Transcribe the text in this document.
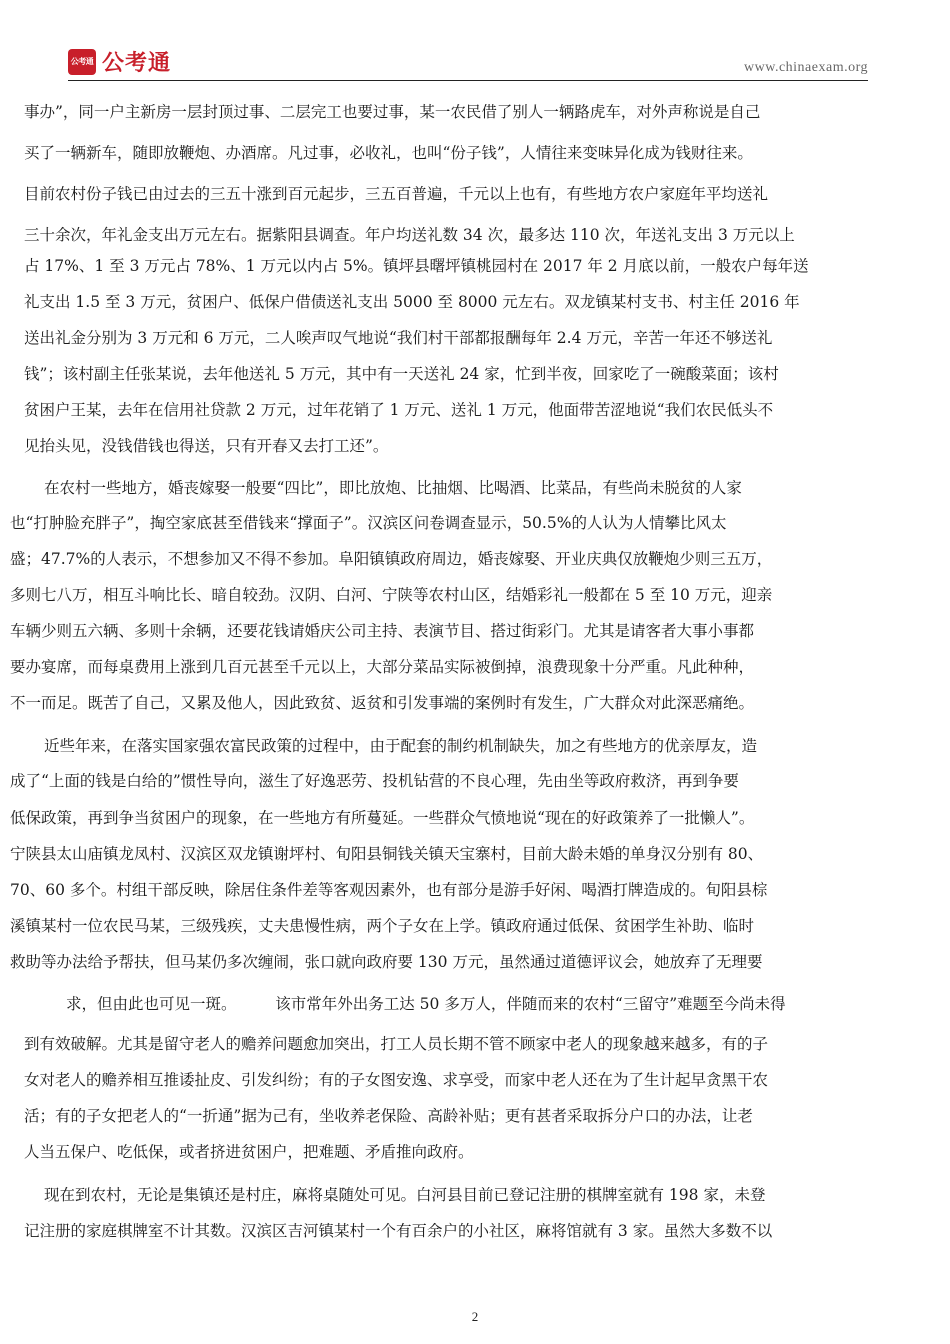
公考通 公考通	www.chinaexam.org
事办”，同一户主新房一层封顶过事、二层完工也要过事，某一农民借了别人一辆路虎车，对外声称说是自己
买了一辆新车，随即放鞭炮、办酒席。凡过事，必收礼，也叫“份子钱”，人情往来变味异化成为钱财往来。
目前农村份子钱已由过去的三五十涨到百元起步，三五百普遍，千元以上也有，有些地方农户家庭年平均送礼
三十余次，年礼金支出万元左右。据紫阳县调查。年户均送礼数 34 次，最多达 110 次，年送礼支出 3 万元以上
占 17%、1 至 3 万元占 78%、1 万元以内占 5%。镇坪县曙坪镇桃园村在 2017 年 2 月底以前，一般农户每年送
礼支出 1.5 至 3 万元，贫困户、低保户借债送礼支出 5000 至 8000 元左右。双龙镇某村支书、村主任 2016 年
送出礼金分别为 3 万元和 6 万元，二人唉声叹气地说“我们村干部都报酬每年 2.4 万元，辛苦一年还不够送礼
钱”；该村副主任张某说，去年他送礼 5 万元，其中有一天送礼 24 家，忙到半夜，回家吃了一碗酸菜面；该村
贫困户王某，去年在信用社贷款 2 万元，过年花销了 1 万元、送礼 1 万元，他面带苦涩地说“我们农民低头不
见抬头见，没钱借钱也得送，只有开春又去打工还”。
在农村一些地方，婚丧嫁娶一般要“四比”，即比放炮、比抽烟、比喝酒、比菜品，有些尚未脱贫的人家
也“打肿脸充胖子”，掏空家底甚至借钱来“撑面子”。汉滨区问卷调查显示，50.5%的人认为人情攀比风太
盛；47.7%的人表示，不想参加又不得不参加。阜阳镇镇政府周边，婚丧嫁娶、开业庆典仅放鞭炮少则三五万，
多则七八万，相互斗响比长、暗自较劲。汉阴、白河、宁陕等农村山区，结婚彩礼一般都在 5 至 10 万元，迎亲
车辆少则五六辆、多则十余辆，还要花钱请婚庆公司主持、表演节目、搭过街彩门。尤其是请客者大事小事都
要办宴席，而每桌费用上涨到几百元甚至千元以上，大部分菜品实际被倒掉，浪费现象十分严重。凡此种种，
不一而足。既苦了自己，又累及他人，因此致贫、返贫和引发事端的案例时有发生，广大群众对此深恶痛绝。
近些年来，在落实国家强农富民政策的过程中，由于配套的制约机制缺失，加之有些地方的优亲厚友，造
成了“上面的钱是白给的”惯性导向，滋生了好逸恶劳、投机钻营的不良心理，先由坐等政府救济，再到争要
低保政策，再到争当贫困户的现象，在一些地方有所蔓延。一些群众气愤地说“现在的好政策养了一批懒人”。
宁陕县太山庙镇龙凤村、汉滨区双龙镇谢坪村、旬阳县铜钱关镇天宝寨村，目前大龄未婚的单身汉分别有 80、
70、60 多个。村组干部反映，除居住条件差等客观因素外，也有部分是游手好闲、喝酒打牌造成的。旬阳县棕
溪镇某村一位农民马某，三级残疾，丈夫患慢性病，两个子女在上学。镇政府通过低保、贫困学生补助、临时
救助等办法给予帮扶，但马某仍多次缠闹，张口就向政府要 130 万元，虽然通过道德评议会，她放弃了无理要
求，但由此也可见一斑。　　　该市常年外出务工达 50 多万人，伴随而来的农村“三留守”难题至今尚未得
到有效破解。尤其是留守老人的赡养问题愈加突出，打工人员长期不管不顾家中老人的现象越来越多，有的子
女对老人的赡养相互推诿扯皮、引发纠纷；有的子女图安逸、求享受，而家中老人还在为了生计起早贪黑干农
活；有的子女把老人的“一折通”据为己有，坐收养老保险、高龄补贴；更有甚者采取拆分户口的办法，让老
人当五保户、吃低保，或者挤进贫困户，把难题、矛盾推向政府。
现在到农村，无论是集镇还是村庄，麻将桌随处可见。白河县目前已登记注册的棋牌室就有 198 家，未登
记注册的家庭棋牌室不计其数。汉滨区吉河镇某村一个有百余户的小社区，麻将馆就有 3 家。虽然大多数不以
2
